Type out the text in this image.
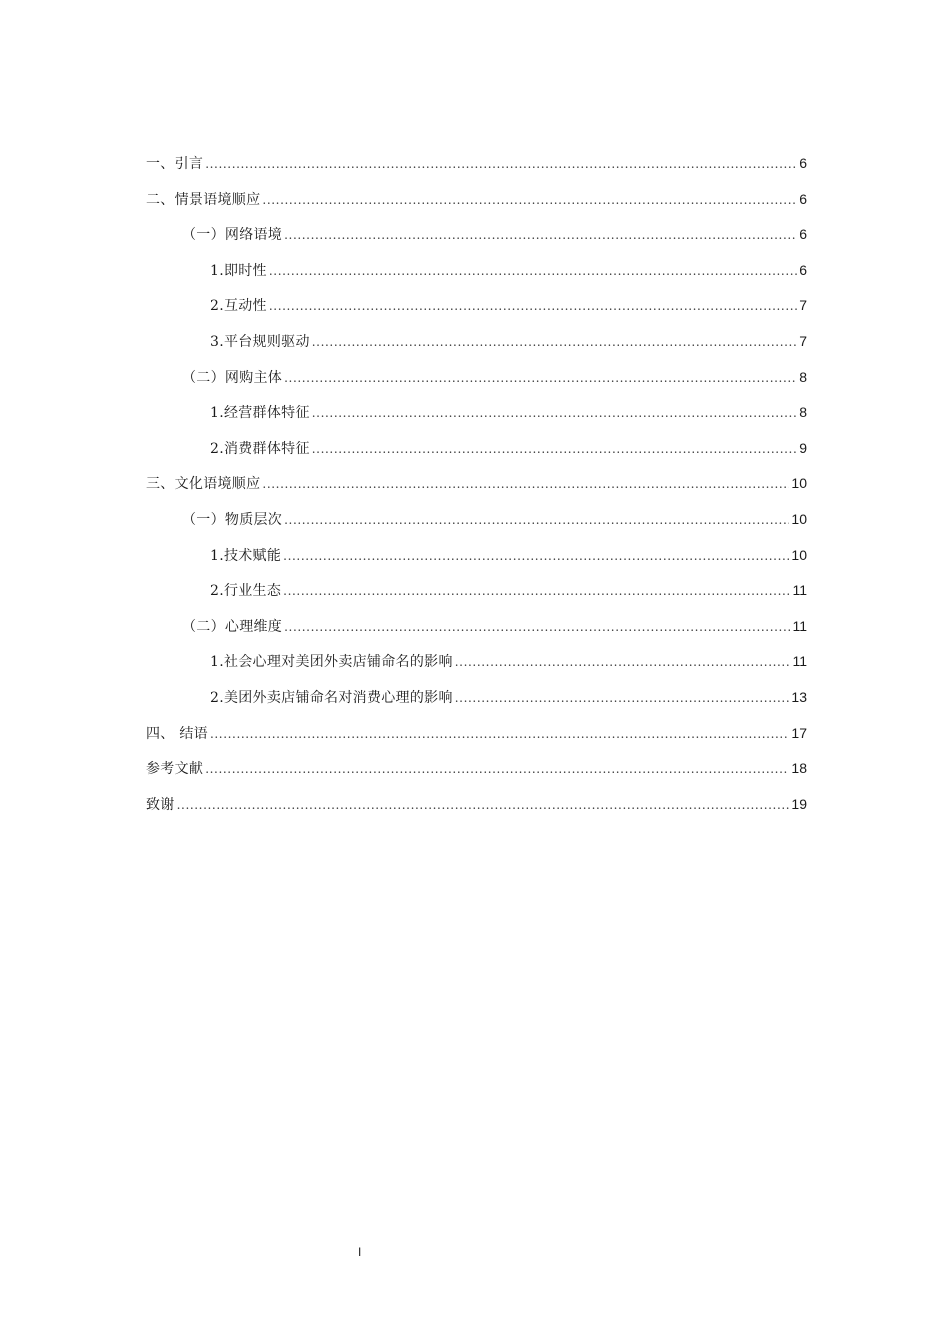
一、引言 .....	6
二、情景语境顺应 .....	6
（一）网络语境 .....	6
1.即时性 .....	6
2.互动性 .....	7
3.平台规则驱动 .....	7
（二）网购主体 .....	8
1.经营群体特征 .....	8
2.消费群体特征 .....	9
三、文化语境顺应 .....	10
（一）物质层次 .....	10
1.技术赋能 .....	10
2.行业生态 .....	11
（二）心理维度 .....	11
1.社会心理对美团外卖店铺命名的影响 .....	11
2.美团外卖店铺命名对消费心理的影响 .....	13
四、 结语 .....	17
参考文献 .....	18
致谢 .....	19
I
